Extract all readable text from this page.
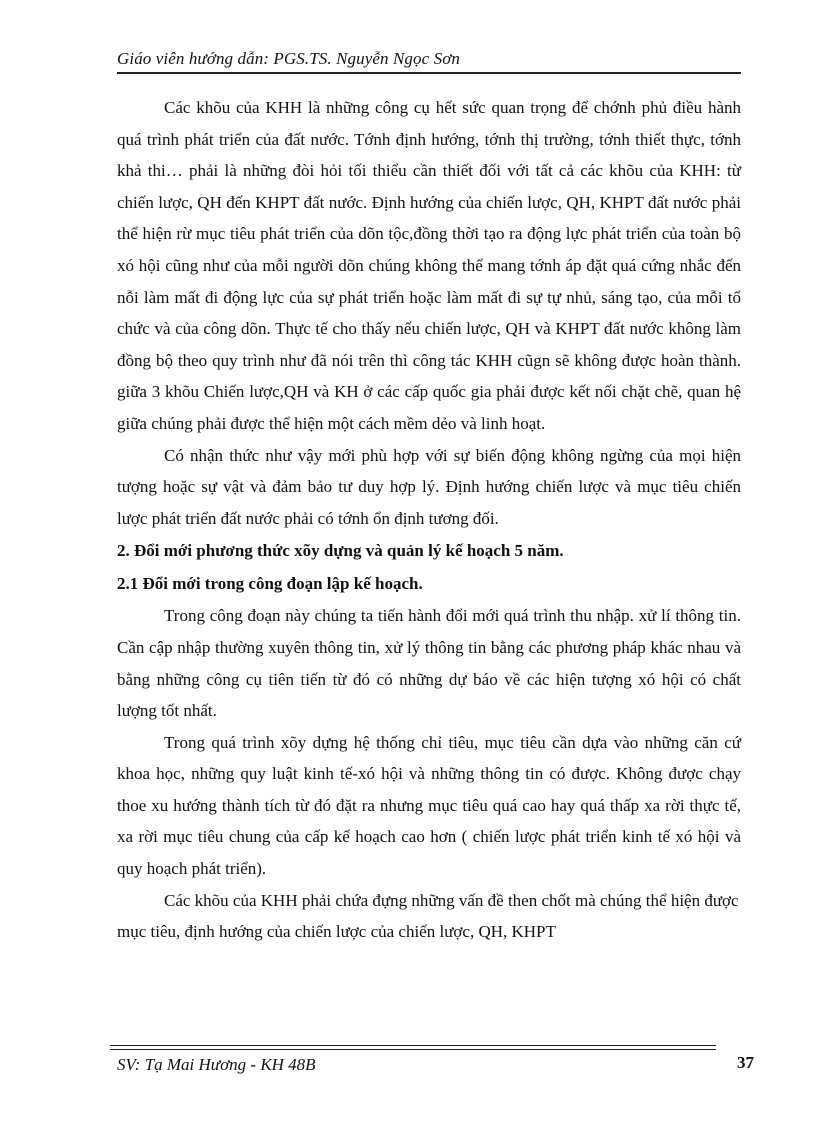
Giáo viên hướng dẫn: PGS.TS. Nguyễn Ngọc Sơn

Các khõu của KHH là những công cụ hết sức quan trọng để chớnh phủ điều hành quá trình phát triển của đất nước. Tớnh định hướng, tớnh thị trường, tớnh thiết thực, tớnh khả thi… phải là những đòi hỏi tối thiểu cần thiết đối với tất cả các khõu của KHH: từ chiến lược, QH đến KHPT đất nước. Định hướng của chiến lược, QH, KHPT đất nước phải thể hiện rừ mục tiêu phát triển của dõn tộc,đồng thời tạo ra động lực phát triển của toàn bộ xó hội cũng như của mỗi người dõn chúng không thể mang tớnh áp đặt quá cứng nhắc đến nỗi làm mất đi động lực của sự phát triển hoặc làm mất đi sự tự nhủ, sáng tạo, của mỗi tổ chức và của công dõn. Thực tế cho thấy nếu chiến lược, QH và KHPT đất nước không làm đồng bộ theo quy trình như đã nói trên thì công tác KHH cũgn sẽ không được hoàn thành. giữa 3 khõu Chiến lược,QH và KH ở các cấp quốc gia phải được kết nối chặt chẽ, quan hệ giữa chúng phải được thể hiện một cách mềm dẻo và linh hoạt.

Có nhận thức như vậy mới phù hợp với sự biến động không ngừng của mọi hiện tượng hoặc sự vật và đảm bảo tư duy hợp lý. Định hướng chiến lược và mục tiêu chiến lược phát triển đất nước phải có tớnh ổn định tương đối.

2. Đổi mới phương thức xõy dựng và quản lý kế hoạch 5 năm.

2.1 Đổi mới trong công đoạn lập kế hoạch.

Trong công đoạn này chúng ta tiến hành đổi mới quá trình thu nhập. xử lí thông tin. Cần cập nhập thường xuyên thông tin, xử lý thông tin bằng các phương pháp khác nhau và bằng những công cụ tiên tiến từ đó có những dự báo về các hiện tượng xó hội có chất lượng tốt nhất.

Trong quá trình xõy dựng hệ thống chỉ tiêu, mục tiêu cần dựa vào những căn cứ khoa học, những quy luật kinh tế-xó hội và những thông tin có được. Không được chạy thoe xu hướng thành tích từ đó đặt ra nhưng mục tiêu quá cao hay quá thấp xa rời thực tế, xa rời mục tiêu chung của cấp kế hoạch cao hơn ( chiến lược phát triển kinh tế xó hội và quy hoạch phát triển).

Các khõu của KHH phải chứa đựng những vấn đề then chốt mà chúng thể hiện được mục tiêu, định hướng của chiến lược của chiến lược, QH, KHPT

SV: Tạ Mai Hương - KH 48B	37
